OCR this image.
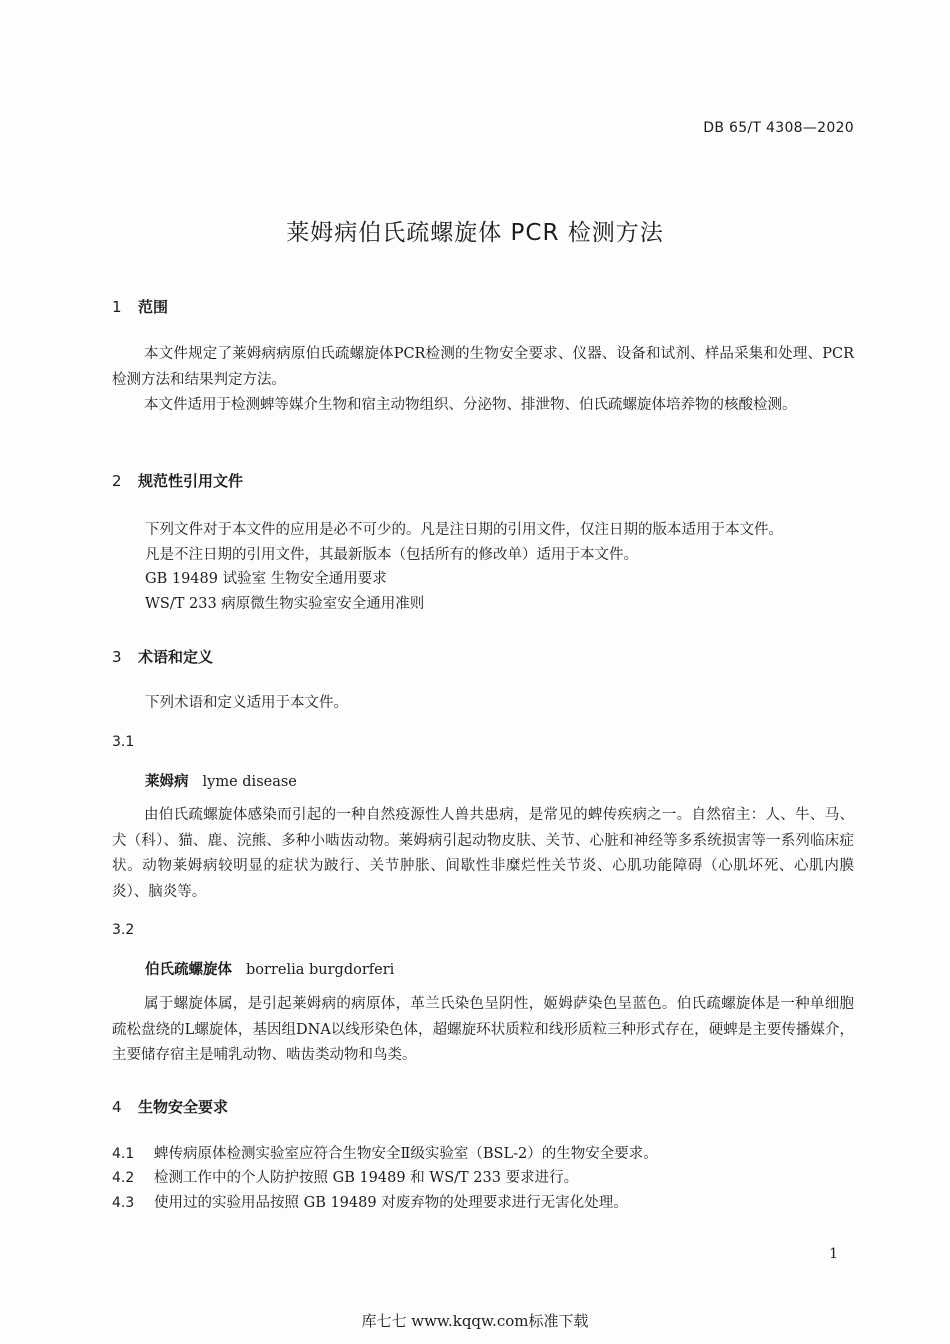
DB 65/T 4308—2020
莱姆病伯氏疏螺旋体 PCR 检测方法
1 范围
本文件规定了莱姆病病原伯氏疏螺旋体PCR检测的生物安全要求、仪器、设备和试剂、样品采集和处理、PCR检测方法和结果判定方法。
本文件适用于检测蜱等媒介生物和宿主动物组织、分泌物、排泄物、伯氏疏螺旋体培养物的核酸检测。
2 规范性引用文件
下列文件对于本文件的应用是必不可少的。凡是注日期的引用文件，仅注日期的版本适用于本文件。
凡是不注日期的引用文件，其最新版本（包括所有的修改单）适用于本文件。
GB 19489 试验室 生物安全通用要求
WS/T 233 病原微生物实验室安全通用准则
3 术语和定义
下列术语和定义适用于本文件。
3.1
莱姆病 lyme disease
由伯氏疏螺旋体感染而引起的一种自然疫源性人兽共患病，是常见的蜱传疾病之一。自然宿主：人、牛、马、犬（科）、猫、鹿、浣熊、多种小啮齿动物。莱姆病引起动物皮肤、关节、心脏和神经等多系统损害等一系列临床症状。动物莱姆病较明显的症状为跛行、关节肿胀、间歇性非糜烂性关节炎、心肌功能障碍（心肌坏死、心肌内膜炎）、脑炎等。
3.2
伯氏疏螺旋体 borrelia burgdorferi
属于螺旋体属，是引起莱姆病的病原体，革兰氏染色呈阴性，姬姆萨染色呈蓝色。伯氏疏螺旋体是一种单细胞疏松盘绕的L螺旋体，基因组DNA以线形染色体，超螺旋环状质粒和线形质粒三种形式存在，硬蜱是主要传播媒介，主要储存宿主是哺乳动物、啮齿类动物和鸟类。
4 生物安全要求
4.1 蜱传病原体检测实验室应符合生物安全Ⅱ级实验室（BSL-2）的生物安全要求。
4.2 检测工作中的个人防护按照 GB 19489 和 WS/T 233 要求进行。
4.3 使用过的实验用品按照 GB 19489 对废弃物的处理要求进行无害化处理。
1
库七七 www.kqqw.com标准下载
